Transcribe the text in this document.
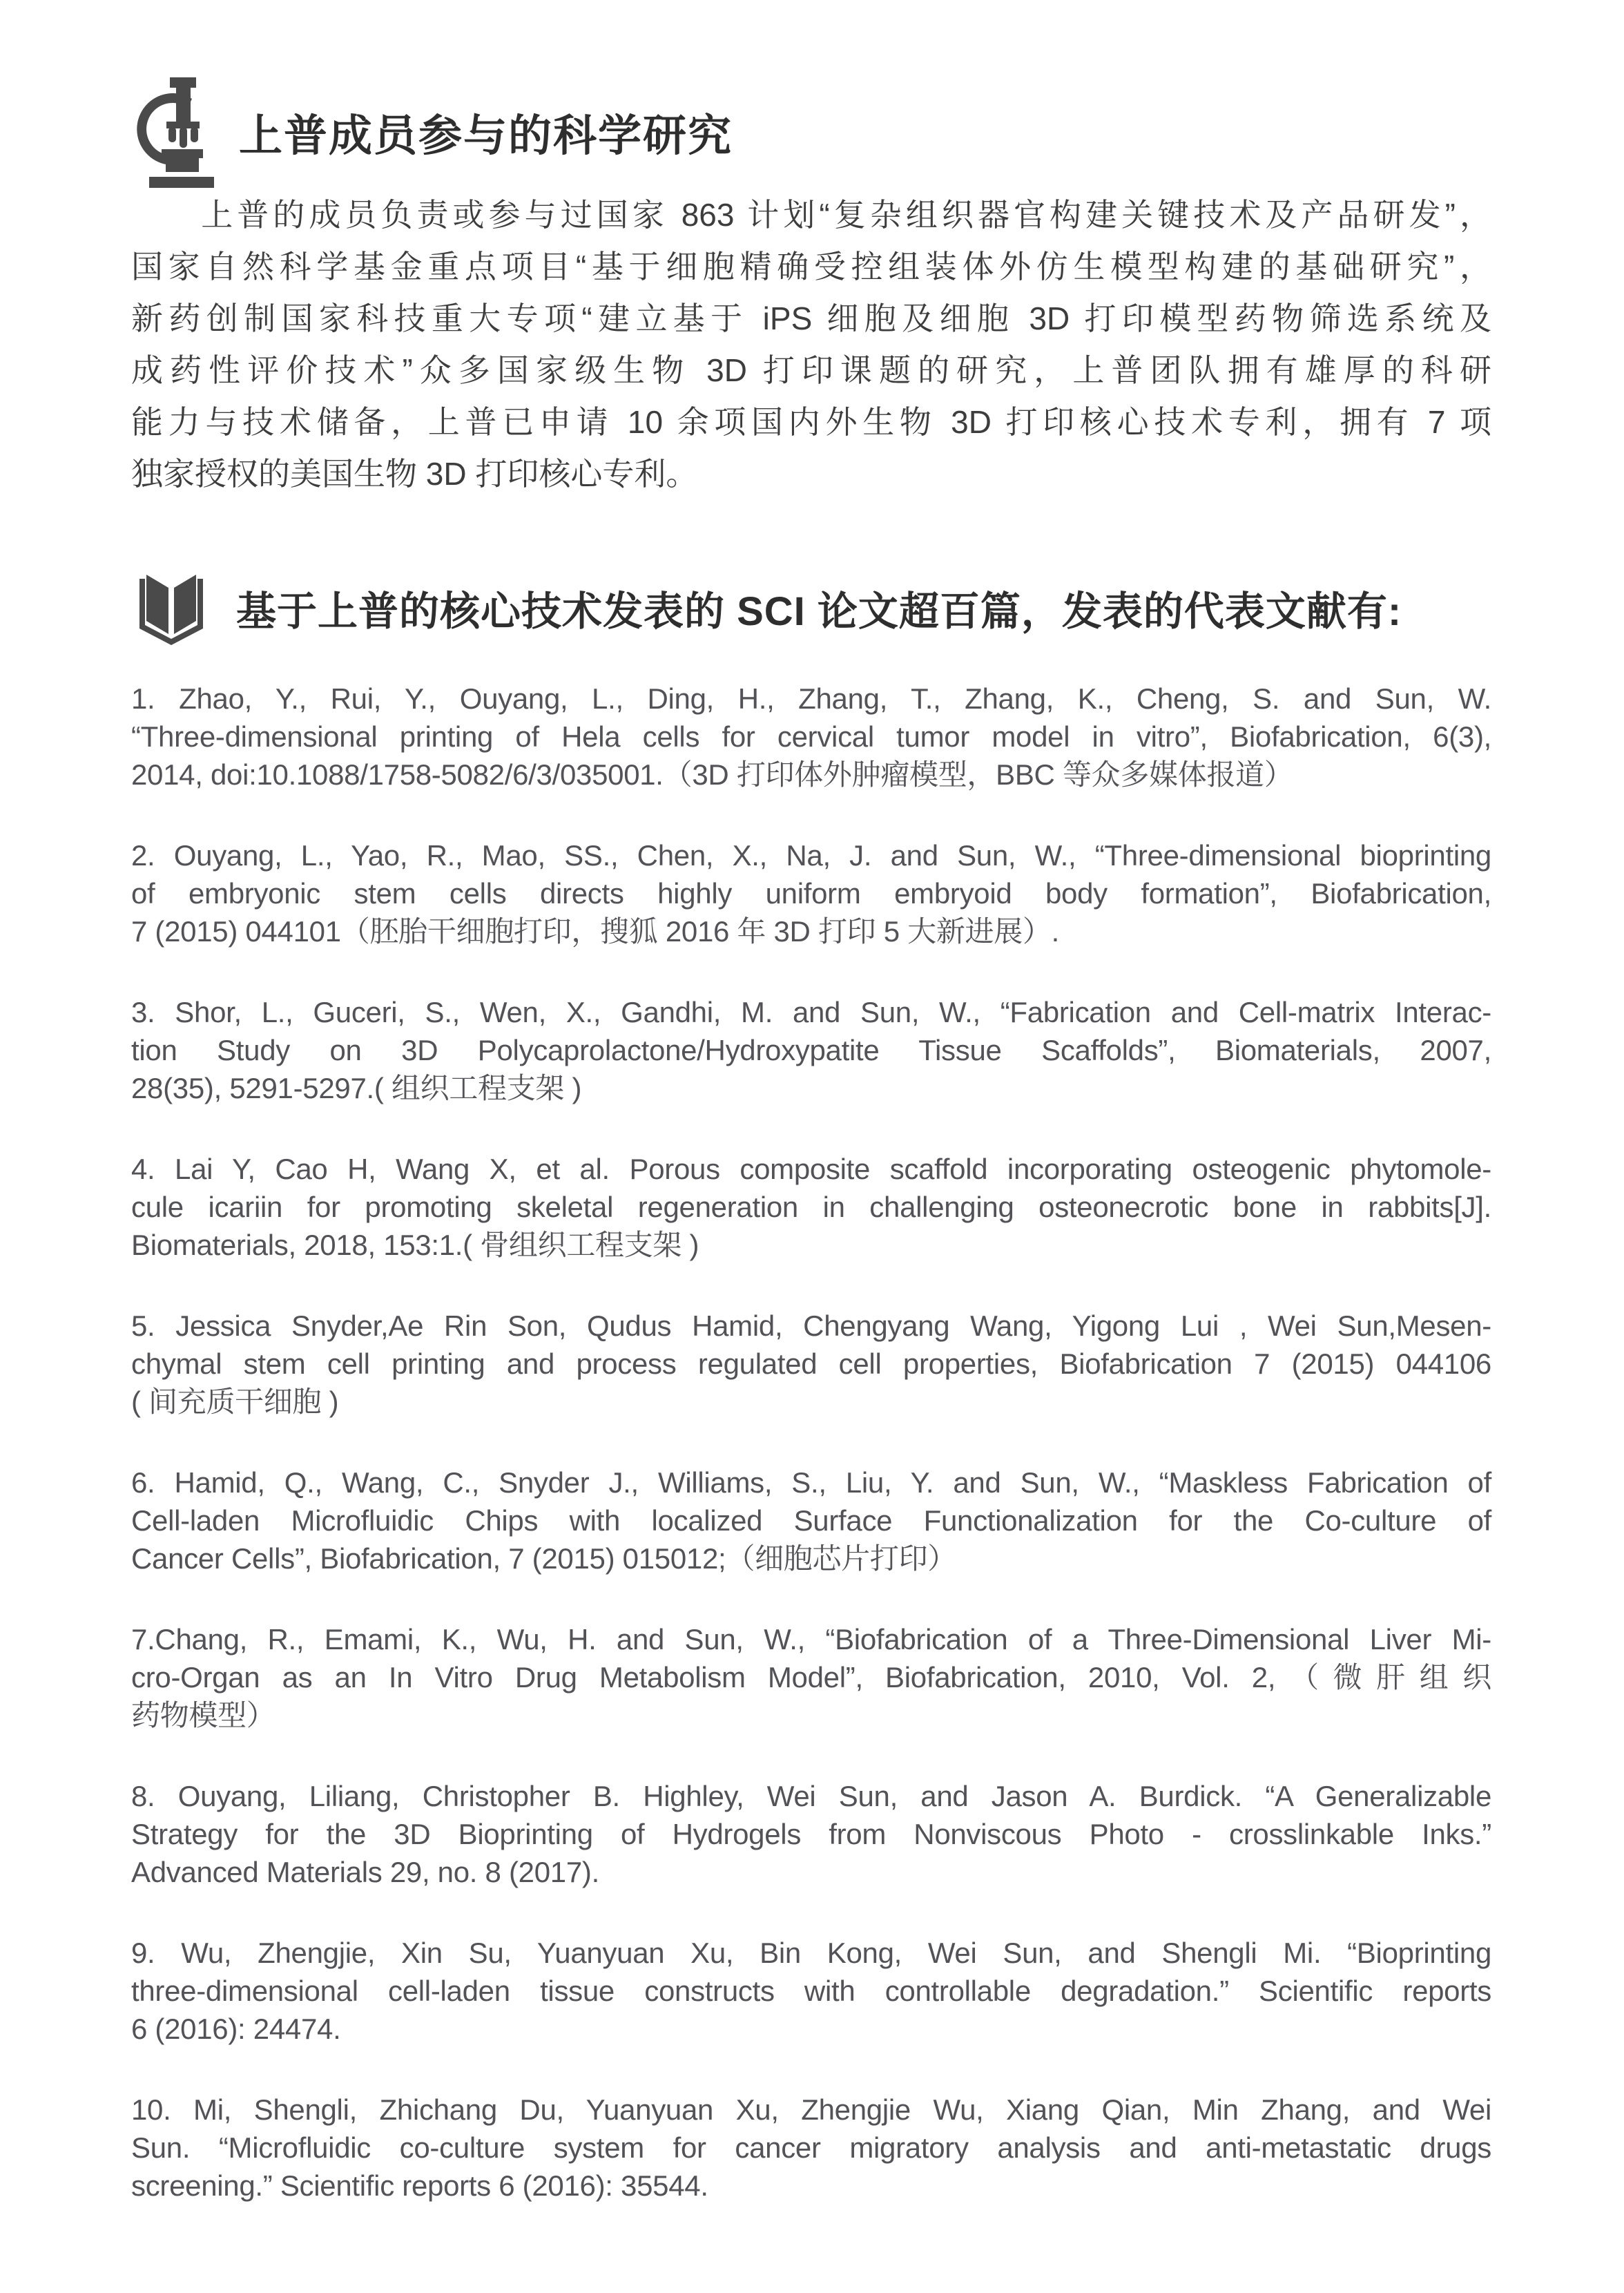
上普成员参与的科学研究
上普的成员负责或参与过国家 863 计划“复杂组织器官构建关键技术及产品研发”，
国家自然科学基金重点项目“基于细胞精确受控组装体外仿生模型构建的基础研究”，
新药创制国家科技重大专项“建立基于 iPS 细胞及细胞 3D 打印模型药物筛选系统及
成药性评价技术”众多国家级生物 3D 打印课题的研究，上普团队拥有雄厚的科研
能力与技术储备，上普已申请 10 余项国内外生物 3D 打印核心技术专利，拥有 7 项
独家授权的美国生物 3D 打印核心专利。
基于上普的核心技术发表的 SCI 论文超百篇，发表的代表文献有:
1. Zhao, Y., Rui, Y., Ouyang, L., Ding, H., Zhang, T., Zhang, K., Cheng, S. and Sun, W.
“Three-dimensional printing of Hela cells for cervical tumor model in vitro”, Biofabrication, 6(3),
2014, doi:10.1088/1758-5082/6/3/035001.（3D 打印体外肿瘤模型，BBC 等众多媒体报道）
2. Ouyang, L., Yao, R., Mao, SS., Chen, X., Na, J. and Sun, W., “Three-dimensional bioprinting
of embryonic stem cells directs highly uniform embryoid body formation”, Biofabrication,
7 (2015) 044101（胚胎干细胞打印，搜狐 2016 年 3D 打印 5 大新进展）.
3. Shor, L., Guceri, S., Wen, X., Gandhi, M. and Sun, W., “Fabrication and Cell-matrix Interac-
tion Study on 3D Polycaprolactone/Hydroxypatite Tissue Scaffolds”, Biomaterials, 2007,
28(35), 5291-5297.( 组织工程支架 )
4. Lai Y, Cao H, Wang X, et al. Porous composite scaffold incorporating osteogenic phytomole-
cule icariin for promoting skeletal regeneration in challenging osteonecrotic bone in rabbits[J].
Biomaterials, 2018, 153:1.( 骨组织工程支架 )
5. Jessica Snyder,Ae Rin Son, Qudus Hamid, Chengyang Wang, Yigong Lui , Wei Sun,Mesen-
chymal stem cell printing and process regulated cell properties, Biofabrication 7 (2015) 044106
( 间充质干细胞 )
6. Hamid, Q., Wang, C., Snyder J., Williams, S., Liu, Y. and Sun, W., “Maskless Fabrication of
Cell-laden Microfluidic Chips with localized Surface Functionalization for the Co-culture of
Cancer Cells”, Biofabrication, 7 (2015) 015012;（细胞芯片打印）
7.Chang, R., Emami, K., Wu, H. and Sun, W., “Biofabrication of a Three-Dimensional Liver Mi-
cro-Organ as an In Vitro Drug Metabolism Model”, Biofabrication, 2010, Vol. 2,（微肝组织
药物模型）
8. Ouyang, Liliang, Christopher B. Highley, Wei Sun, and Jason A. Burdick. “A Generalizable
Strategy for the 3D Bioprinting of Hydrogels from Nonviscous Photo - crosslinkable Inks.”
Advanced Materials 29, no. 8 (2017).
9. Wu, Zhengjie, Xin Su, Yuanyuan Xu, Bin Kong, Wei Sun, and Shengli Mi. “Bioprinting
three-dimensional cell-laden tissue constructs with controllable degradation.” Scientific reports
6 (2016): 24474.
10. Mi, Shengli, Zhichang Du, Yuanyuan Xu, Zhengjie Wu, Xiang Qian, Min Zhang, and Wei
Sun. “Microfluidic co-culture system for cancer migratory analysis and anti-metastatic drugs
screening.” Scientific reports 6 (2016): 35544.
